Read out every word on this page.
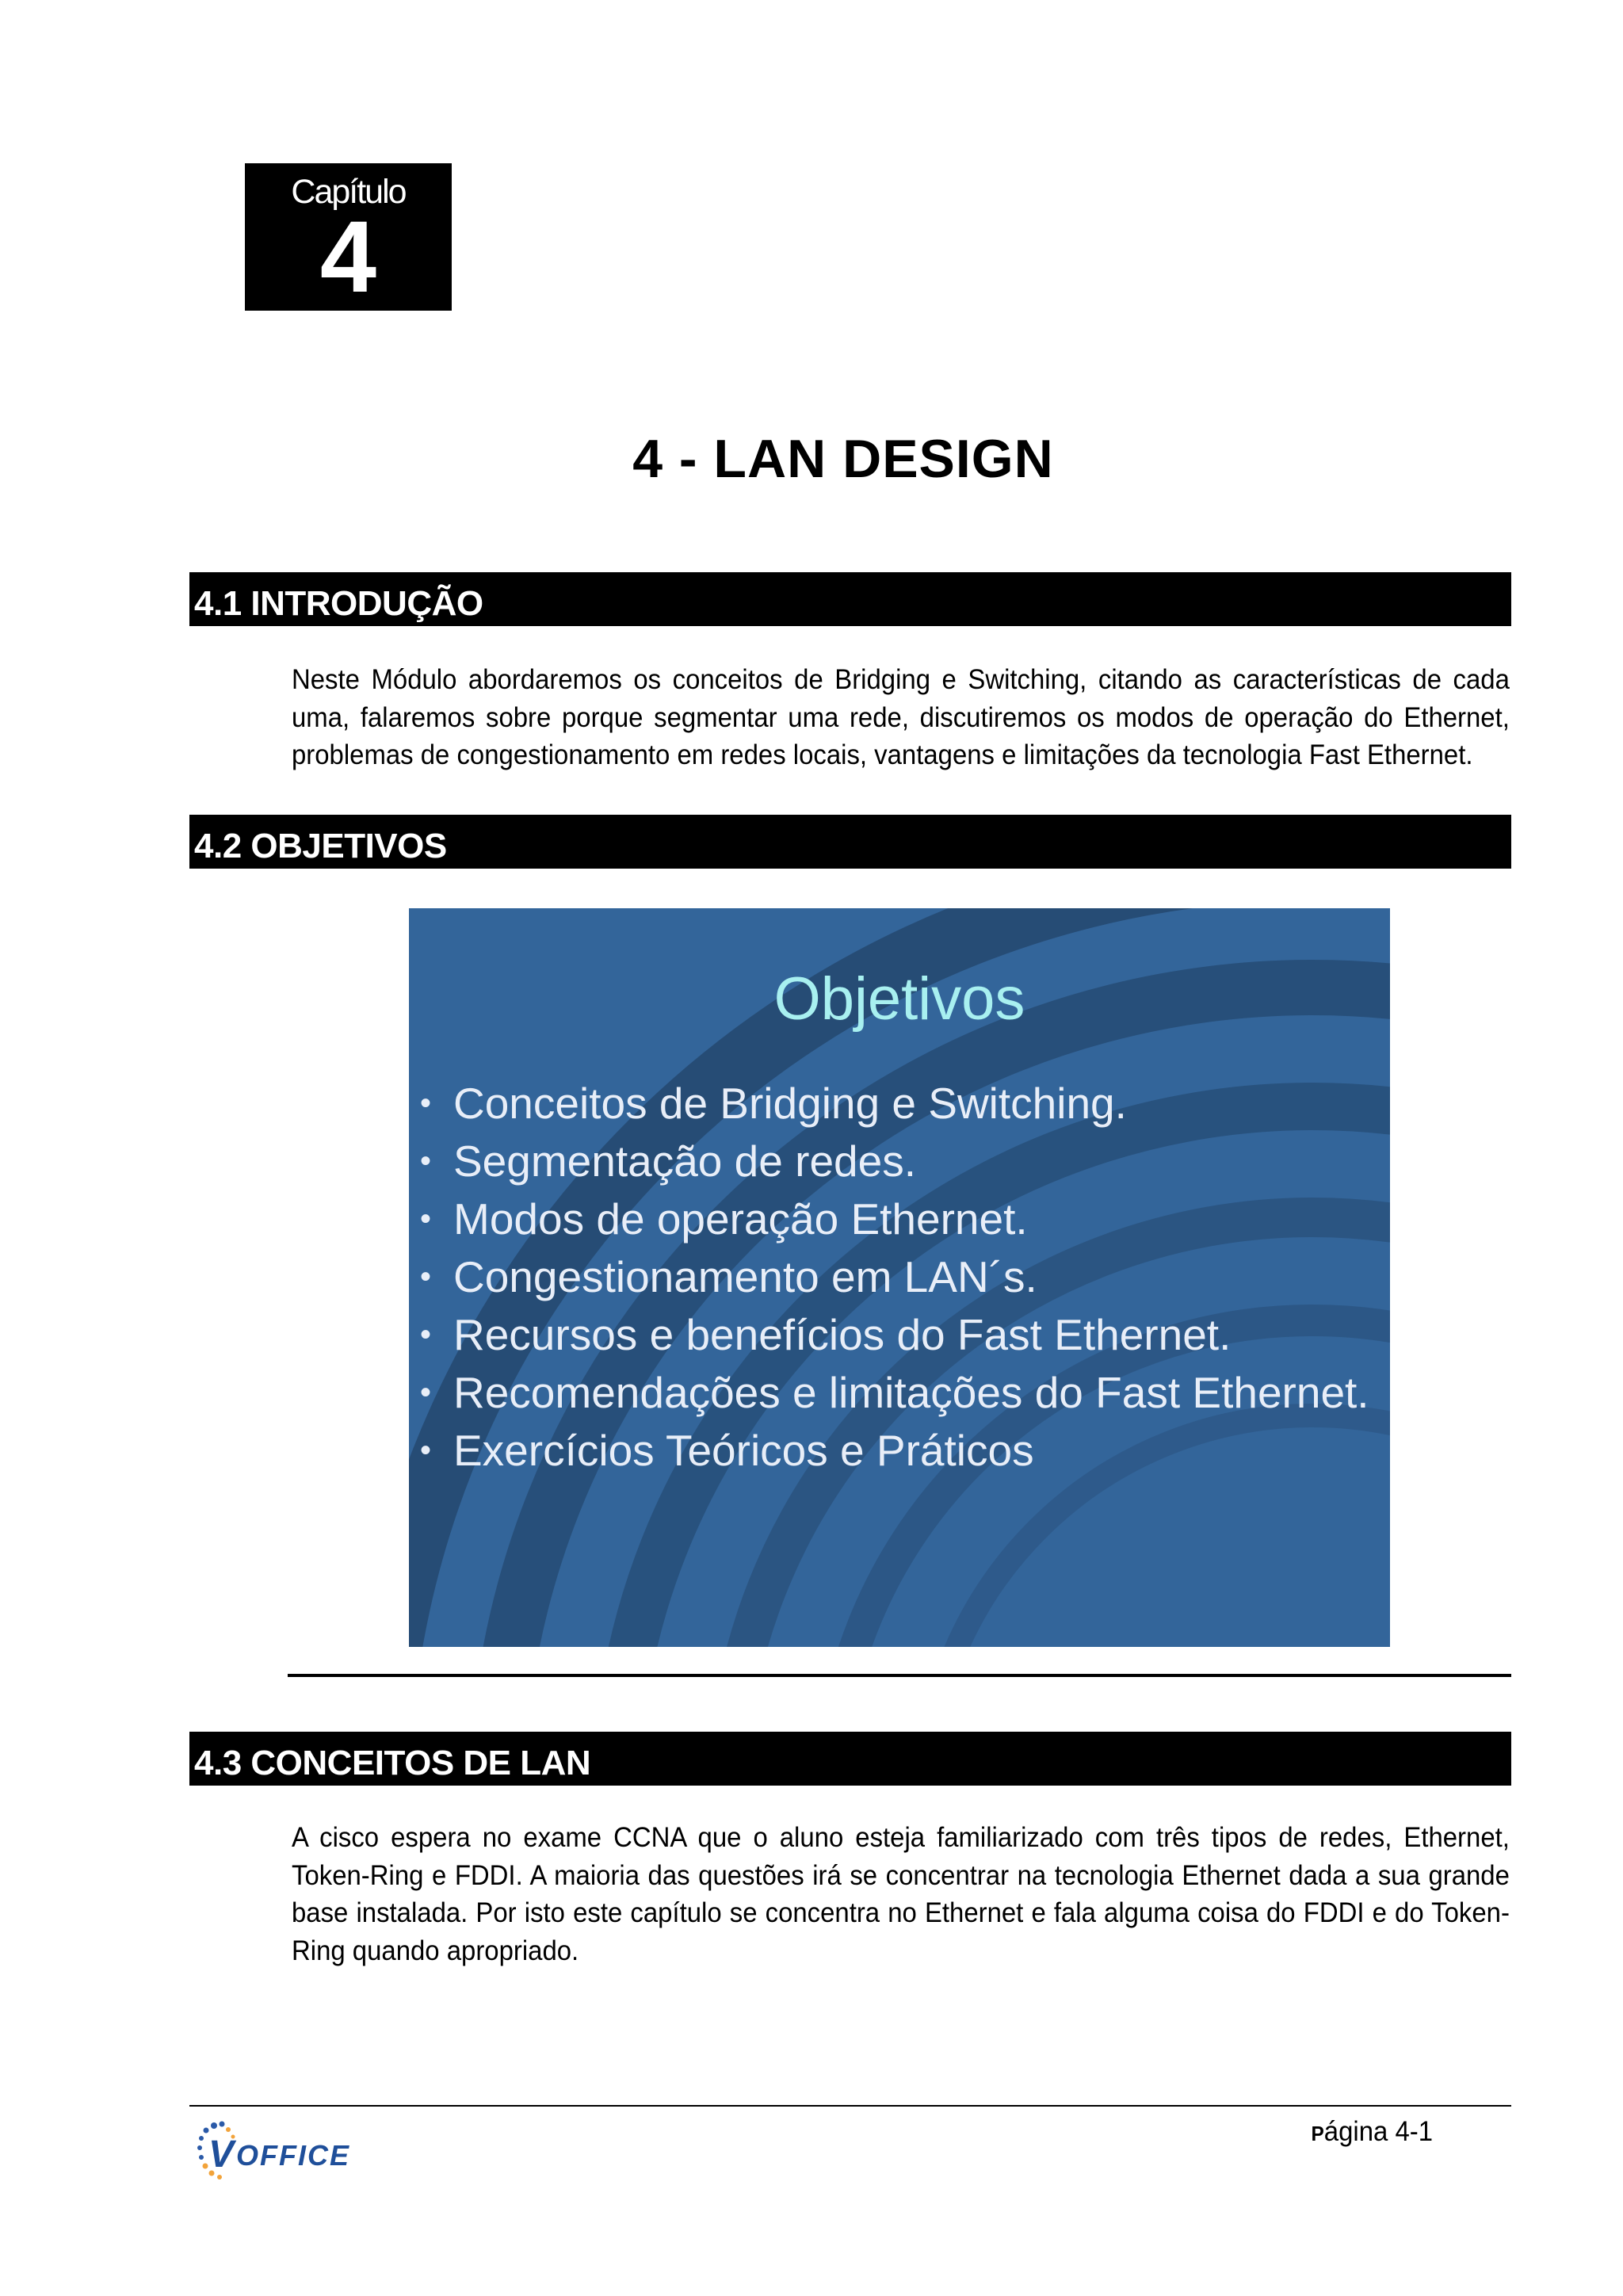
Capítulo
4
4 - LAN DESIGN
4.1 INTRODUÇÃO
Neste Módulo abordaremos os conceitos de Bridging e Switching, citando as características de cada uma, falaremos sobre porque segmentar uma rede, discutiremos os modos de operação do Ethernet, problemas de congestionamento em redes locais, vantagens e limitações da tecnologia Fast Ethernet.
4.2 OBJETIVOS
Objetivos
• Conceitos de Bridging e Switching.
• Segmentação de redes.
• Modos de operação Ethernet.
• Congestionamento em LAN´s.
• Recursos e benefícios do Fast Ethernet.
• Recomendações e limitações do Fast Ethernet.
• Exercícios Teóricos e Práticos
4.3 CONCEITOS DE LAN
A cisco espera no exame CCNA que o aluno esteja familiarizado com três tipos de redes, Ethernet, Token-Ring e FDDI. A maioria das questões irá se concentrar na tecnologia Ethernet dada a sua grande base instalada. Por isto este capítulo se concentra no Ethernet e fala alguma coisa do FDDI e do Token-Ring quando apropriado.
V OFFICE
Página 4-1
